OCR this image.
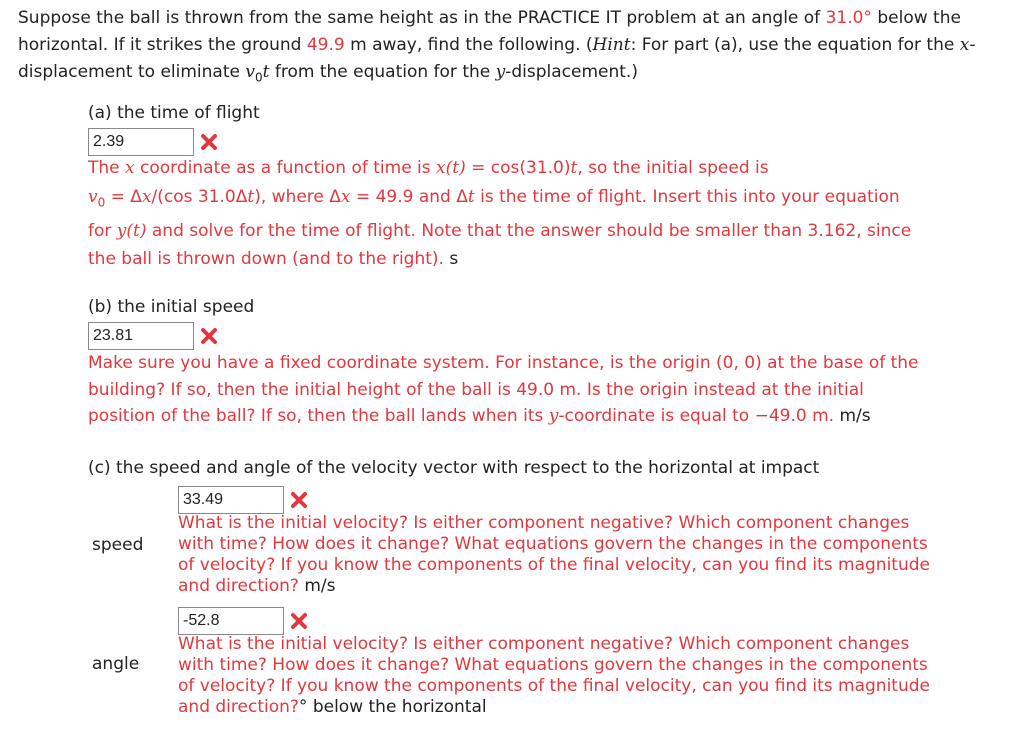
Suppose the ball is thrown from the same height as in the PRACTICE IT problem at an angle of 31.0° below the horizontal. If it strikes the ground 49.9 m away, find the following. (Hint: For part (a), use the equation for the x-displacement to eliminate $v_0t$ from the equation for the y-displacement.)
(a) the time of flight
2.39
The x coordinate as a function of time is x(t) = cos(31.0)t, so the initial speed is
$v_0 = \Delta x/(\cos$ 31.0Δt), where Δx = 49.9 and Δt is the time of flight. Insert this into your equation
for y(t) and solve for the time of flight. Note that the answer should be smaller than 3.162, since
the ball is thrown down (and to the right). s
(b) the initial speed
23.81
Make sure you have a fixed coordinate system. For instance, is the origin (0, 0) at the base of the
building? If so, then the initial height of the ball is 49.0 m. Is the origin instead at the initial
position of the ball? If so, then the ball lands when its y-coordinate is equal to −49.0 m. m/s
(c) the speed and angle of the velocity vector with respect to the horizontal at impact
speed
33.49
What is the initial velocity? Is either component negative? Which component changes
with time? How does it change? What equations govern the changes in the components
of velocity? If you know the components of the final velocity, can you find its magnitude
and direction? m/s
angle
-52.8
What is the initial velocity? Is either component negative? Which component changes
with time? How does it change? What equations govern the changes in the components
of velocity? If you know the components of the final velocity, can you find its magnitude
and direction?° below the horizontal
